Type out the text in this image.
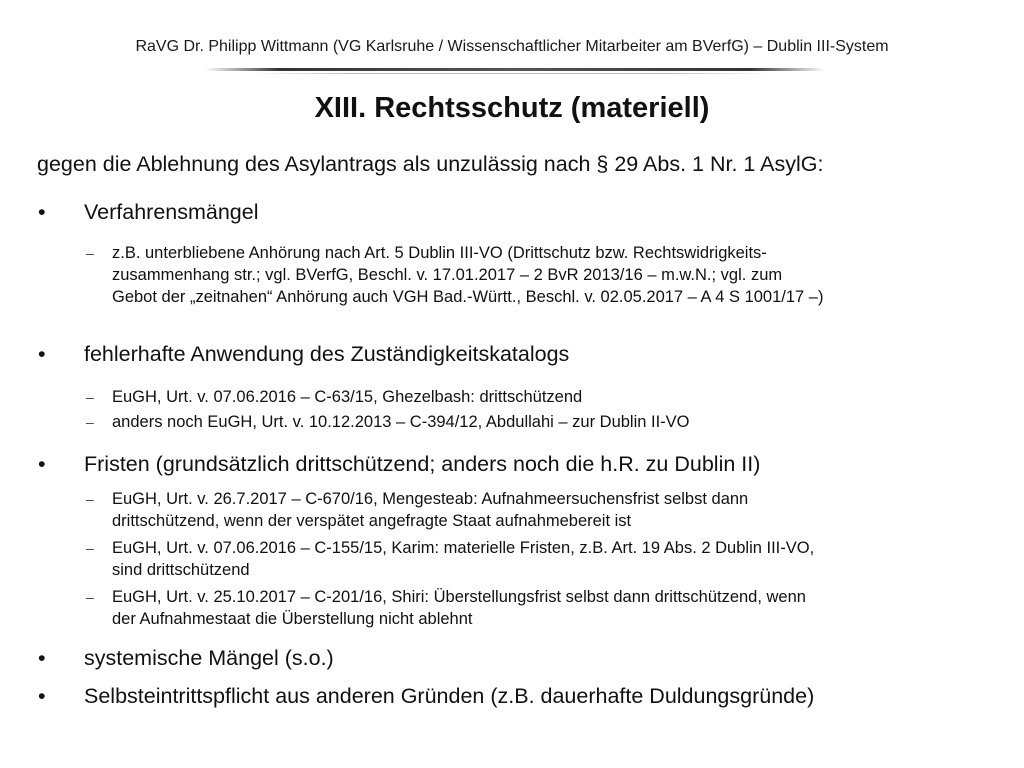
RaVG Dr. Philipp Wittmann (VG Karlsruhe / Wissenschaftlicher Mitarbeiter am BVerfG) – Dublin III-System
XIII. Rechtsschutz (materiell)
gegen die Ablehnung des Asylantrags als unzulässig nach § 29 Abs. 1 Nr. 1 AsylG:
• Verfahrensmängel
– z.B. unterbliebene Anhörung nach Art. 5 Dublin III-VO (Drittschutz bzw. Rechtswidrigkeits-
zusammenhang str.; vgl. BVerfG, Beschl. v. 17.01.2017 – 2 BvR 2013/16 – m.w.N.; vgl. zum
Gebot der „zeitnahen“ Anhörung auch VGH Bad.-Württ., Beschl. v. 02.05.2017 – A 4 S 1001/17 –)
• fehlerhafte Anwendung des Zuständigkeitskatalogs
– EuGH, Urt. v. 07.06.2016 – C-63/15, Ghezelbash: drittschützend
– anders noch EuGH, Urt. v. 10.12.2013 – C-394/12, Abdullahi – zur Dublin II-VO
• Fristen (grundsätzlich drittschützend; anders noch die h.R. zu Dublin II)
– EuGH, Urt. v. 26.7.2017 – C-670/16, Mengesteab: Aufnahmeersuchensfrist selbst dann
drittschützend, wenn der verspätet angefragte Staat aufnahmebereit ist
– EuGH, Urt. v. 07.06.2016 – C-155/15, Karim: materielle Fristen, z.B. Art. 19 Abs. 2 Dublin III-VO,
sind drittschützend
– EuGH, Urt. v. 25.10.2017 – C-201/16, Shiri: Überstellungsfrist selbst dann drittschützend, wenn
der Aufnahmestaat die Überstellung nicht ablehnt
• systemische Mängel (s.o.)
• Selbsteintrittspflicht aus anderen Gründen (z.B. dauerhafte Duldungsgründe)
